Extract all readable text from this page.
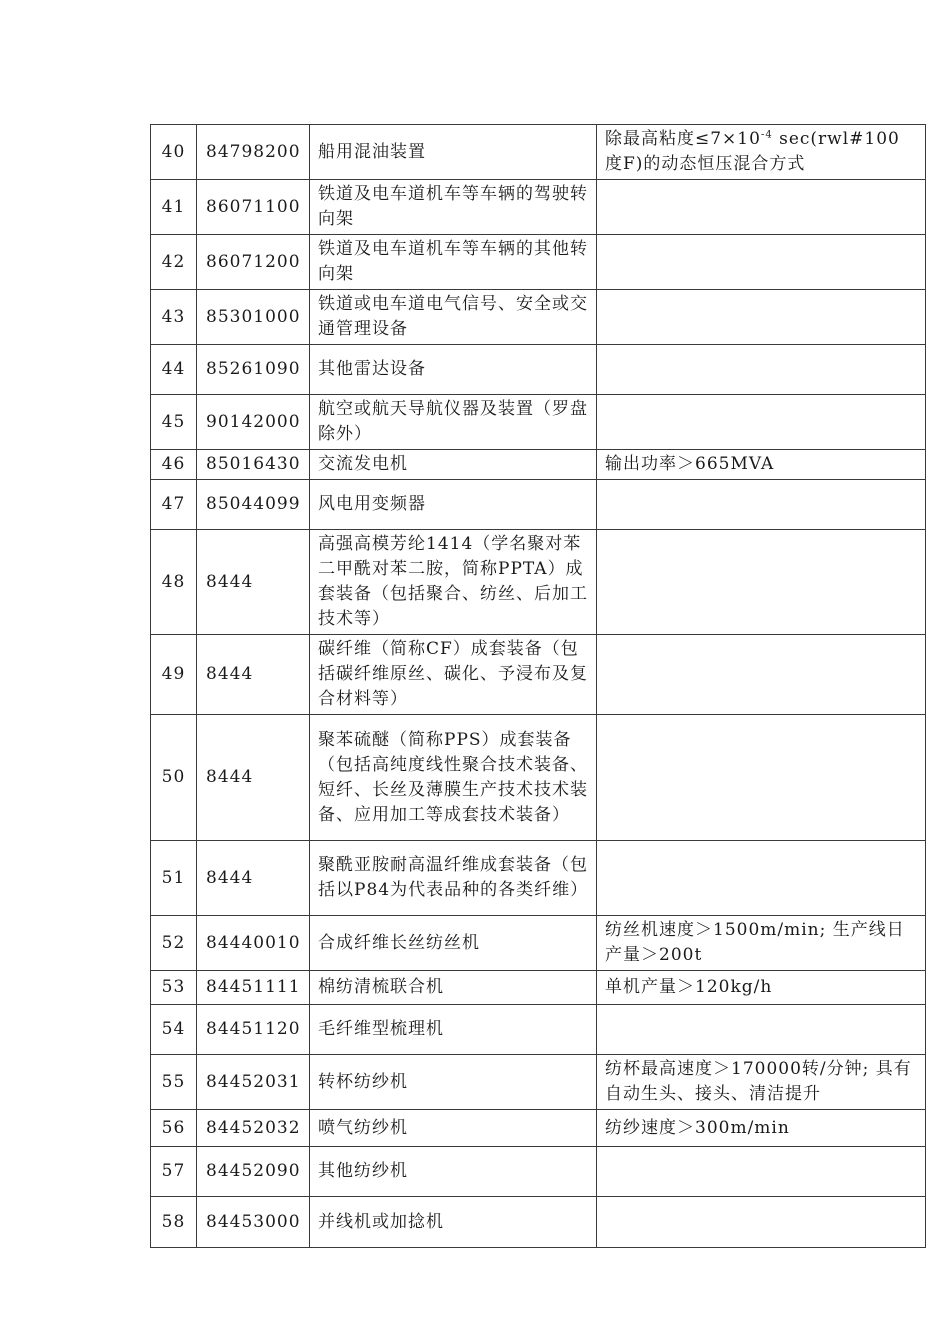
40	84798200	船用混油装置	除最高粘度$\le 7\times 10^{-4}$ sec(rwl#100度F)的动态恒压混合方式
41	86071100	铁道及电车道机车等车辆的驾驶转向架	
42	86071200	铁道及电车道机车等车辆的其他转向架	
43	85301000	铁道或电车道电气信号、安全或交通管理设备	
44	85261090	其他雷达设备	
45	90142000	航空或航天导航仪器及装置（罗盘除外）	
46	85016430	交流发电机	输出功率＞665MVA
47	85044099	风电用变频器	
48	8444	高强高模芳纶1414（学名聚对苯二甲酰对苯二胺，简称PPTA）成套装备（包括聚合、纺丝、后加工技术等）	
49	8444	碳纤维（简称CF）成套装备（包括碳纤维原丝、碳化、予浸布及复合材料等）	
50	8444	聚苯硫醚（简称PPS）成套装备（包括高纯度线性聚合技术装备、短纤、长丝及薄膜生产技术技术装备、应用加工等成套技术装备）	
51	8444	聚酰亚胺耐高温纤维成套装备（包括以P84为代表品种的各类纤维）	
52	84440010	合成纤维长丝纺丝机	纺丝机速度＞1500m/min; 生产线日产量＞200t
53	84451111	棉纺清梳联合机	单机产量＞120kg/h
54	84451120	毛纤维型梳理机	
55	84452031	转杯纺纱机	纺杯最高速度＞170000转/分钟; 具有自动生头、接头、清洁提升
56	84452032	喷气纺纱机	纺纱速度＞300m/min
57	84452090	其他纺纱机	
58	84453000	并线机或加捻机	
